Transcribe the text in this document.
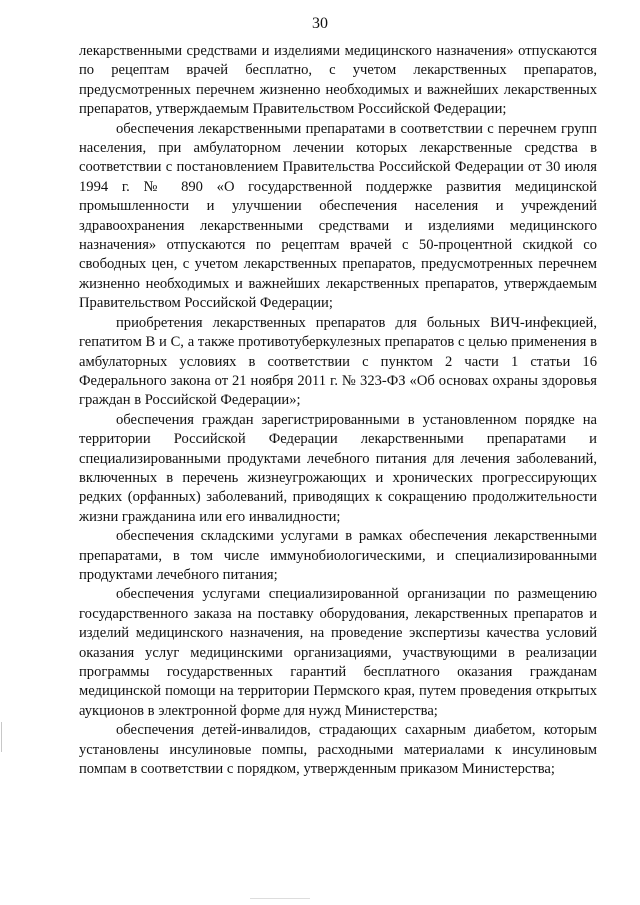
30

лекарственными средствами и изделиями медицинского назначения» отпускаются по рецептам врачей бесплатно, с учетом лекарственных препаратов, предусмотренных перечнем жизненно необходимых и важнейших лекарственных препаратов, утверждаемым Правительством Российской Федерации;

обеспечения лекарственными препаратами в соответствии с перечнем групп населения, при амбулаторном лечении которых лекарственные средства в соответствии с постановлением Правительства Российской Федерации от 30 июля 1994 г. № 890 «О государственной поддержке развития медицинской промышленности и улучшении обеспечения населения и учреждений здравоохранения лекарственными средствами и изделиями медицинского назначения» отпускаются по рецептам врачей с 50-процентной скидкой со свободных цен, с учетом лекарственных препаратов, предусмотренных перечнем жизненно необходимых и важнейших лекарственных препаратов, утверждаемым Правительством Российской Федерации;

приобретения лекарственных препаратов для больных ВИЧ-инфекцией, гепатитом В и С, а также противотуберкулезных препаратов с целью применения в амбулаторных условиях в соответствии с пунктом 2 части 1 статьи 16 Федерального закона от 21 ноября 2011 г. № 323-ФЗ «Об основах охраны здоровья граждан в Российской Федерации»;

обеспечения граждан зарегистрированными в установленном порядке на территории Российской Федерации лекарственными препаратами и специализированными продуктами лечебного питания для лечения заболеваний, включенных в перечень жизнеугрожающих и хронических прогрессирующих редких (орфанных) заболеваний, приводящих к сокращению продолжительности жизни гражданина или его инвалидности;

обеспечения складскими услугами в рамках обеспечения лекарственными препаратами, в том числе иммунобиологическими, и специализированными продуктами лечебного питания;

обеспечения услугами специализированной организации по размещению государственного заказа на поставку оборудования, лекарственных препаратов и изделий медицинского назначения, на проведение экспертизы качества условий оказания услуг медицинскими организациями, участвующими в реализации программы государственных гарантий бесплатного оказания гражданам медицинской помощи на территории Пермского края, путем проведения открытых аукционов в электронной форме для нужд Министерства;

обеспечения детей-инвалидов, страдающих сахарным диабетом, которым установлены инсулиновые помпы, расходными материалами к инсулиновым помпам в соответствии с порядком, утвержденным приказом Министерства;
